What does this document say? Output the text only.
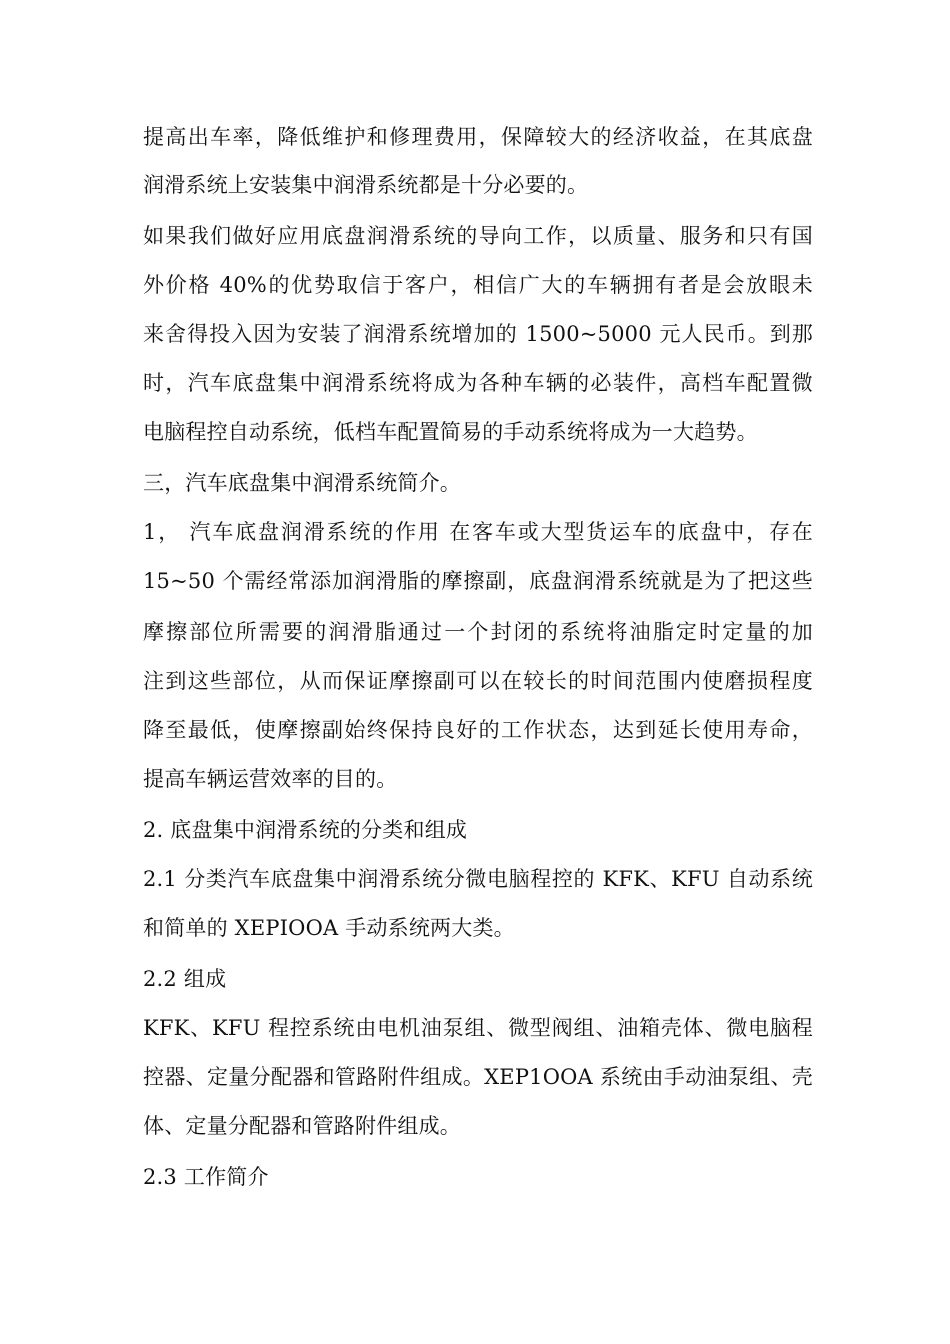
提高出车率，降低维护和修理费用，保障较大的经济收益，在其底盘
润滑系统上安装集中润滑系统都是十分必要的。
如果我们做好应用底盘润滑系统的导向工作，以质量、服务和只有国
外价格 40%的优势取信于客户，相信广大的车辆拥有者是会放眼未
来舍得投入因为安装了润滑系统增加的 1500~5000 元人民币。到那
时，汽车底盘集中润滑系统将成为各种车辆的必装件，高档车配置微
电脑程控自动系统，低档车配置简易的手动系统将成为一大趋势。
三，汽车底盘集中润滑系统简介。
1， 汽车底盘润滑系统的作用 在客车或大型货运车的底盘中，存在
15~50 个需经常添加润滑脂的摩擦副，底盘润滑系统就是为了把这些
摩擦部位所需要的润滑脂通过一个封闭的系统将油脂定时定量的加
注到这些部位，从而保证摩擦副可以在较长的时间范围内使磨损程度
降至最低，使摩擦副始终保持良好的工作状态，达到延长使用寿命，
提高车辆运营效率的目的。
2. 底盘集中润滑系统的分类和组成
2.1 分类汽车底盘集中润滑系统分微电脑程控的 KFK、KFU 自动系统
和简单的 XEPIOOA 手动系统两大类。
2.2 组成
KFK、KFU 程控系统由电机油泵组、微型阀组、油箱壳体、微电脑程
控器、定量分配器和管路附件组成。XEP1OOA 系统由手动油泵组、壳
体、定量分配器和管路附件组成。
2.3 工作简介
